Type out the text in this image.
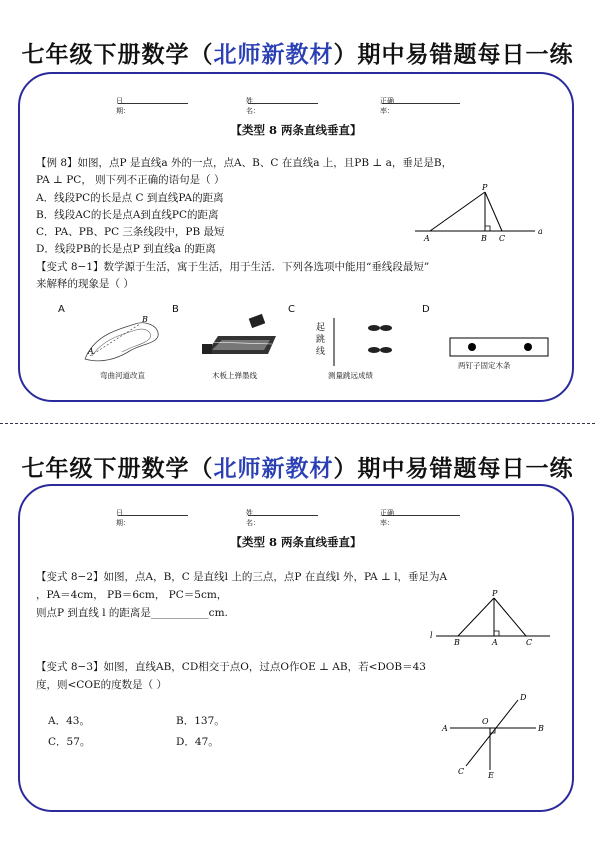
七年级下册数学（北师新教材）期中易错题每日一练
日期：
姓名：
正确率：
【类型 8 两条直线垂直】
【例 8】如图，点P 是直线a 外的一点，点A、B、C 在直线a 上，且PB ⊥ a，垂足是B，
PA ⊥ PC， 则下列不正确的语句是（ ）
A．线段PC的长是点 C 到直线PA的距离
B．线段AC的长是点A到直线PC的距离
C．PA、PB、PC 三条线段中，PB 最短
D．线段PB的长是点P 到直线a 的距离
【变式 8−1】数学源于生活，寓于生活，用于生活．下列各选项中能用“垂线段最短”
来解释的现象是（ ）
P
A	B C
a
A	B	C	D
A
B
弯曲河道改直	木板上弹墨线
起跳线
测量跳远成绩
两钉子固定木条
七年级下册数学（北师新教材）期中易错题每日一练
日期：
姓名：
正确率：
【类型 8 两条直线垂直】
【变式 8−2】如图，点A，B，C 是直线l 上的三点，点P 在直线l 外，PA ⊥ l，垂足为A
，PA＝4cm， PB＝6cm， PC＝5cm，
则点P 到直线 l 的距离是___________cm.
P
l
B	A	C
【变式 8−3】如图，直线AB，CD相交于点O，过点O作OE ⊥ AB，若<DOB＝43
度，则<COE的度数是（ ）
A．43。	B．137。
C．57。	D．47。
A	B
C
D
E
O
